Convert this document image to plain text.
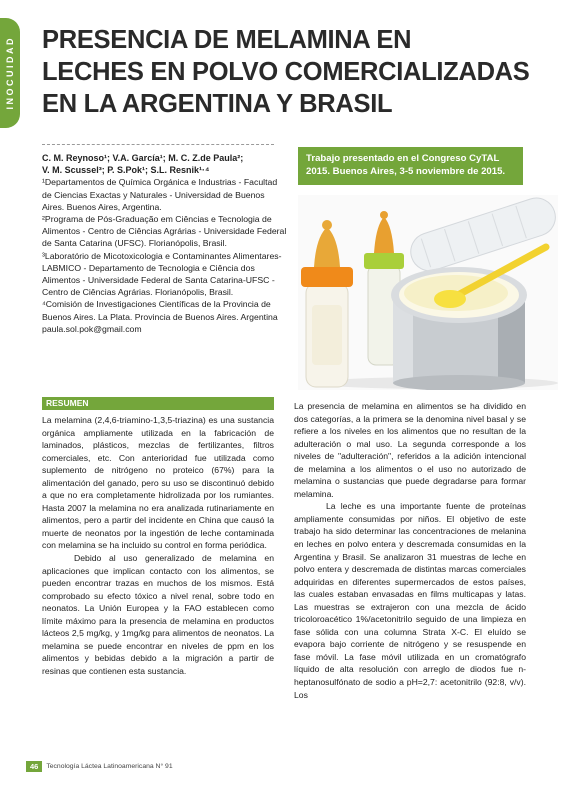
INOCUIDAD PRESENCIA DE MELAMINA EN
LECHES EN POLVO COMERCIALIZADAS
EN LA ARGENTINA Y BRASIL
C. M. Reynoso¹; V.A. García¹; M. C. Z.de Paula²;
V. M. Scussel³; P. S.Pok¹; S.L. Resnik¹·⁴

¹Departamentos de Química Orgánica e Industrias - Facultad de Ciencias Exactas y Naturales - Universidad de Buenos Aires. Buenos Aires, Argentina.

²Programa de Pós-Graduação em Ciências e Tecnologia de Alimentos - Centro de Ciências Agrárias - Universidade Federal de Santa Catarina (UFSC). Florianópolis, Brasil.

³Laboratório de Micotoxicologia e Contaminantes Alimentares-LABMICO - Departamento de Tecnologia e Ciência dos Alimentos - Universidade Federal de Santa Catarina-UFSC - Centro de Ciências Agrárias. Florianópolis, Brasil.

⁴Comisión de Investigaciones Científicas de la Provincia de Buenos Aires. La Plata. Provincia de Buenos Aires. Argentina

paula.sol.pok@gmail.com

Trabajo presentado en el Congreso CyTAL 2015. Buenos Aires, 3-5 noviembre de 2015.
RESUMEN

La melamina (2,4,6-triamino-1,3,5-triazina) es una sustancia orgánica ampliamente utilizada en la fabricación de laminados, plásticos, mezclas de fertilizantes, filtros comerciales, etc. Con anterioridad fue utilizada como suplemento de nitrógeno no proteico (67%) para la alimentación del ganado, pero su uso se discontinuó debido a que no era completamente hidrolizada por los rumiantes. Hasta 2007 la melamina no era analizada rutinariamente en alimentos, pero a partir del incidente en China que causó la muerte de neonatos por la ingestión de leche contaminada con melamina se ha incluido su control en forma periódica.

Debido al uso generalizado de melamina en aplicaciones que implican contacto con los alimentos, se pueden encontrar trazas en muchos de los mismos. Está comprobado su efecto tóxico a nivel renal, sobre todo en neonatos. La Unión Europea y la FAO establecen como límite máximo para la presencia de melamina en productos lácteos 2,5 mg/kg, y 1mg/kg para alimentos de neonatos. La melamina se puede encontrar en niveles de ppm en los alimentos y bebidas debido a la migración a partir de resinas que contienen esta sustancia.

La presencia de melamina en alimentos se ha dividido en dos categorías, a la primera se la denomina nivel basal y se refiere a los niveles en los alimentos que no resultan de la adulteración o mal uso. La segunda corresponde a los niveles de "adulteración", referidos a la adición intencional de melamina a los alimentos o el uso no autorizado de melamina o sustancias que puede degradarse para formar melamina.

La leche es una importante fuente de proteínas ampliamente consumidas por niños. El objetivo de este trabajo ha sido determinar las concentraciones de melanina en leches en polvo entera y descremada consumidas en la Argentina y Brasil. Se analizaron 31 muestras de leche en polvo entera y descremada de distintas marcas comerciales adquiridas en diferentes supermercados de estos países, las cuales estaban envasadas en films multicapas y latas. Las muestras se extrajeron con una mezcla de ácido tricoloroacético 1%/acetonitrilo seguido de una limpieza en fase sólida con una columna Strata X-C. El eluído se evapora bajo corriente de nitrógeno y se resuspende en fase móvil. La fase móvil utilizada en un cromatógrafo líquido de alta resolución con arreglo de diodos fue n-heptanosulfónato de sodio a pH=2,7: acetonitrilo (92:8, v/v). Los

46	Tecnología Láctea Latinoamericana N° 91
